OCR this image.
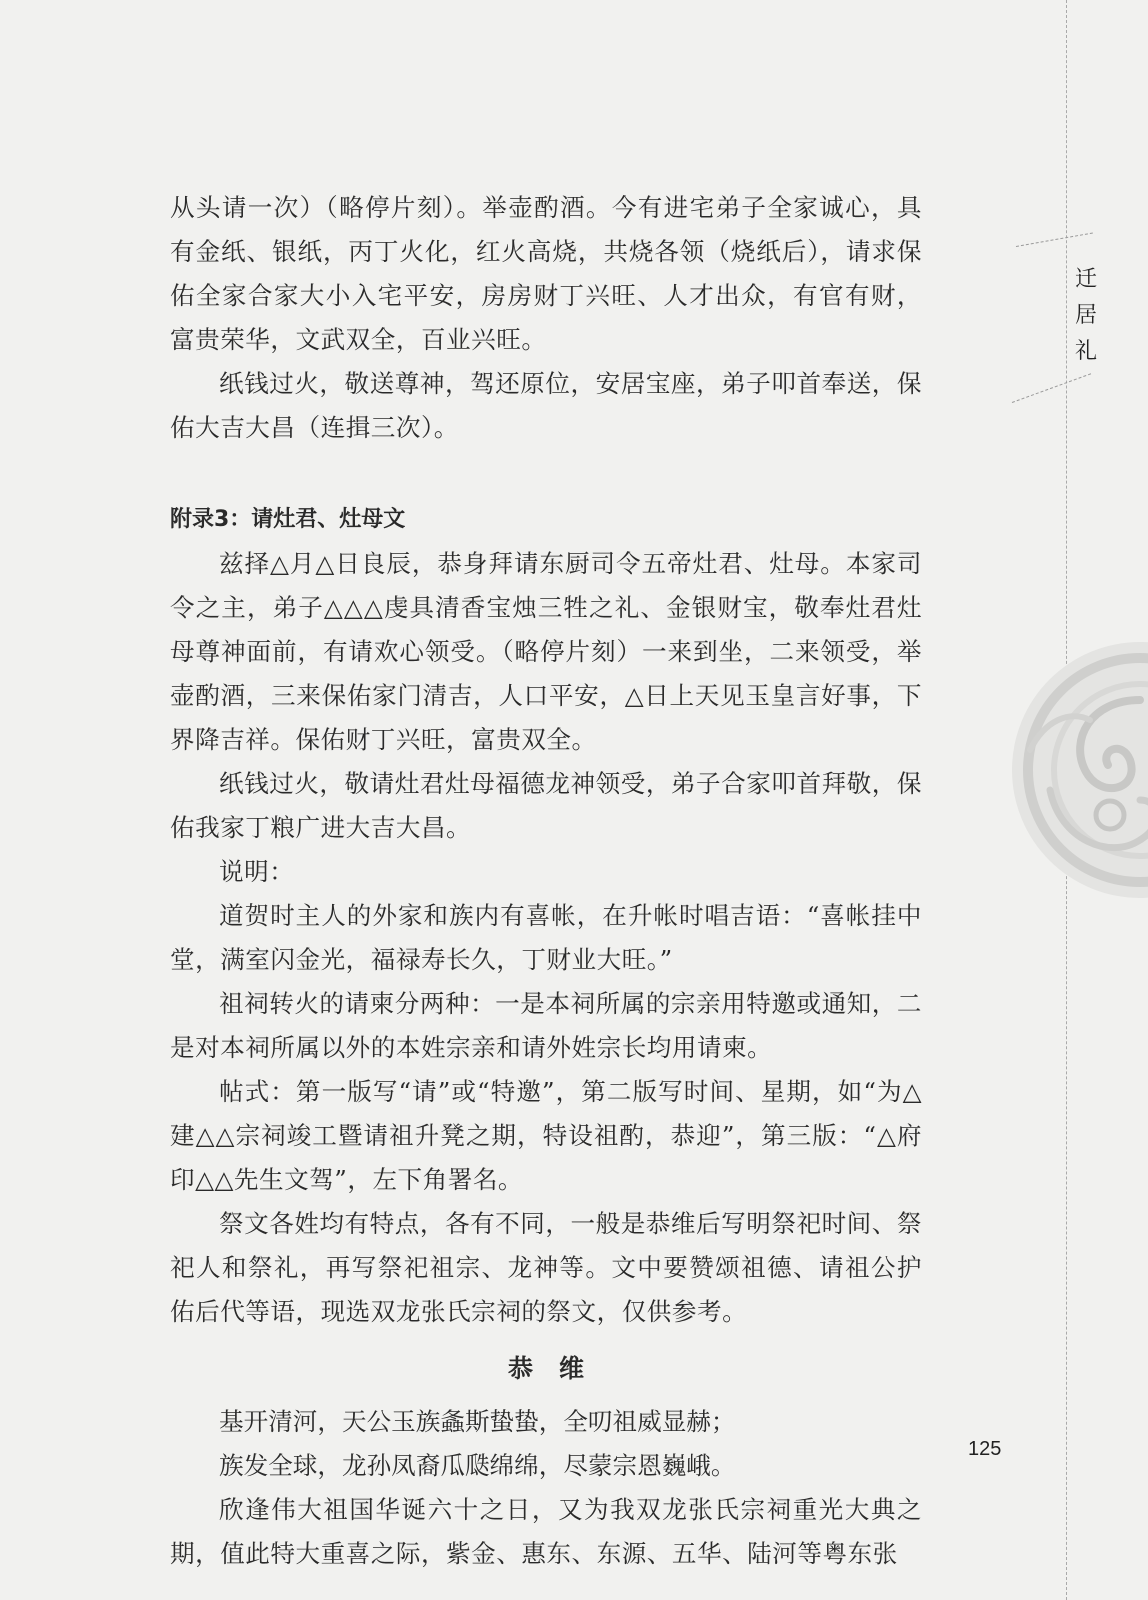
迁
居
礼

从头请一次）（略停片刻）。举壶酌酒。今有进宅弟子全家诚心，具有金纸、银纸，丙丁火化，红火高烧，共烧各领（烧纸后），请求保佑全家合家大小入宅平安，房房财丁兴旺、人才出众，有官有财，富贵荣华，文武双全，百业兴旺。

纸钱过火，敬送尊神，驾还原位，安居宝座，弟子叩首奉送，保佑大吉大昌（连揖三次）。

附录3：请灶君、灶母文

兹择△月△日良辰，恭身拜请东厨司令五帝灶君、灶母。本家司令之主，弟子△△△虔具清香宝烛三牲之礼、金银财宝，敬奉灶君灶母尊神面前，有请欢心领受。（略停片刻）一来到坐，二来领受，举壶酌酒，三来保佑家门清吉，人口平安，△日上天见玉皇言好事，下界降吉祥。保佑财丁兴旺，富贵双全。

纸钱过火，敬请灶君灶母福德龙神领受，弟子合家叩首拜敬，保佑我家丁粮广进大吉大昌。

说明：

道贺时主人的外家和族内有喜帐，在升帐时唱吉语：“喜帐挂中堂，满室闪金光，福禄寿长久，丁财业大旺。”

祖祠转火的请柬分两种：一是本祠所属的宗亲用特邀或通知，二是对本祠所属以外的本姓宗亲和请外姓宗长均用请柬。

帖式：第一版写“请”或“特邀”，第二版写时间、星期，如“为△建△△宗祠竣工暨请祖升凳之期，特设祖酌，恭迎”，第三版：“△府印△△先生文驾”，左下角署名。

祭文各姓均有特点，各有不同，一般是恭维后写明祭祀时间、祭祀人和祭礼，再写祭祀祖宗、龙神等。文中要赞颂祖德、请祖公护佑后代等语，现选双龙张氏宗祠的祭文，仅供参考。

恭维

基开清河，天公玉族螽斯蛰蛰，全叨祖威显赫；

族发全球，龙孙凤裔瓜瓞绵绵，尽蒙宗恩巍峨。

欣逢伟大祖国华诞六十之日，又为我双龙张氏宗祠重光大典之期，值此特大重喜之际，紫金、惠东、东源、五华、陆河等粤东张

125
